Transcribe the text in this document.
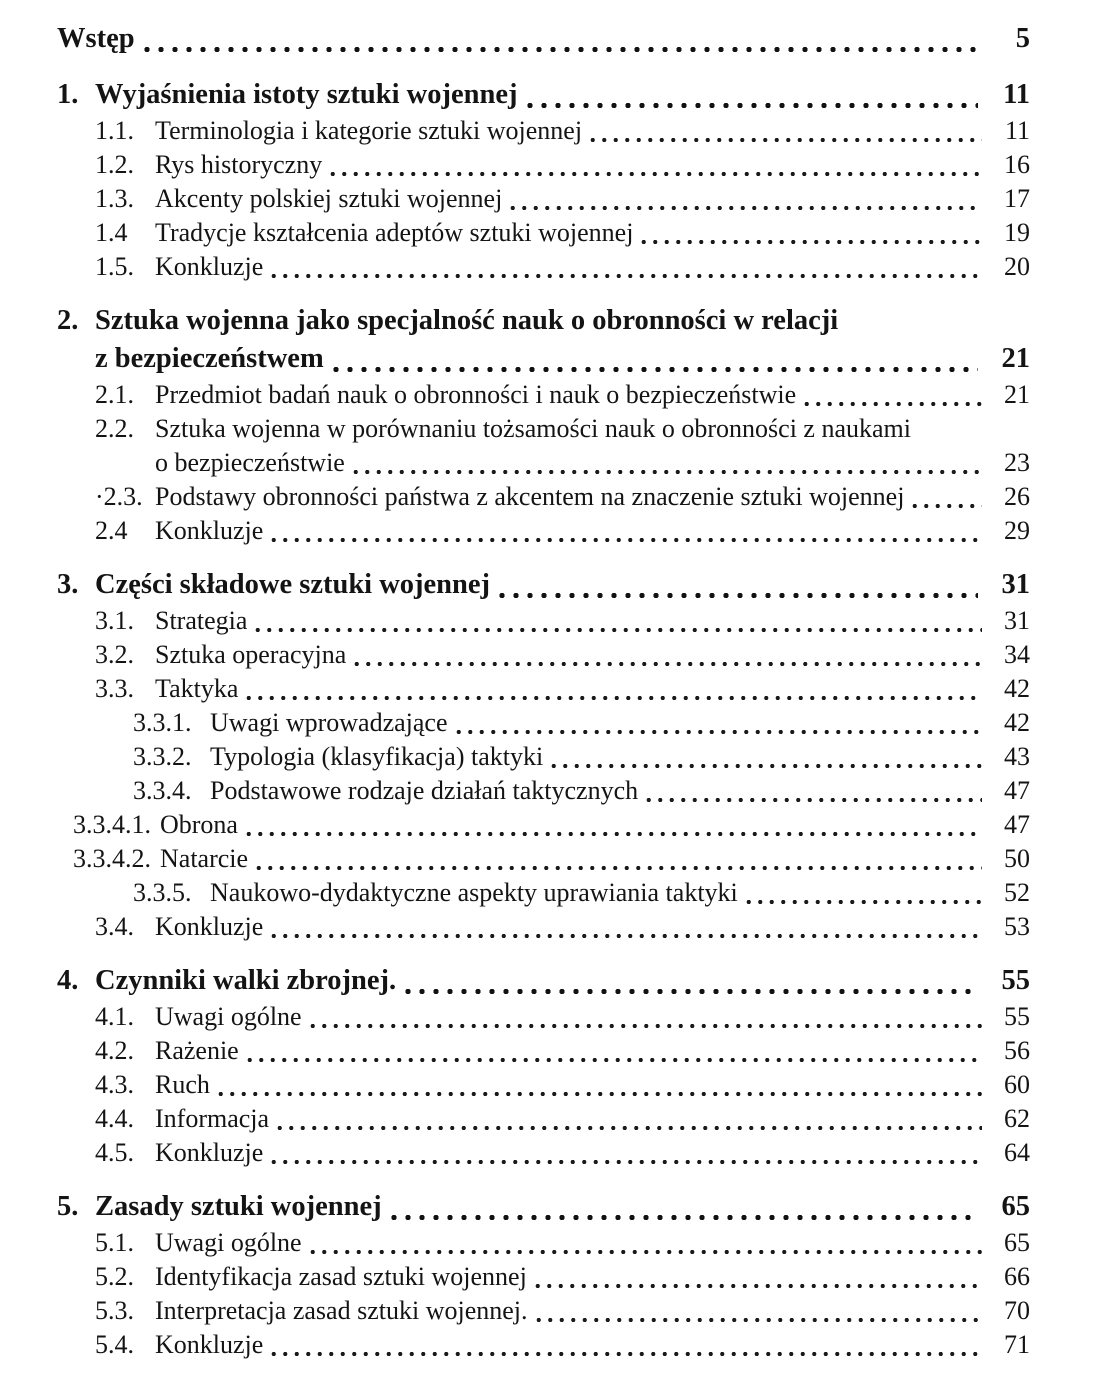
Wstęp	5
1. Wyjaśnienia istoty sztuki wojennej	11
1.1. Terminologia i kategorie sztuki wojennej	11
1.2. Rys historyczny	16
1.3. Akcenty polskiej sztuki wojennej	17
1.4	Tradycje kształcenia adeptów sztuki wojennej	19
1.5. Konkluzje	20
2. Sztuka wojenna jako specjalność nauk o obronności w relacji
z bezpieczeństwem	21
2.1. Przedmiot badań nauk o obronności i nauk o bezpieczeństwie	21
2.2. Sztuka wojenna w porównaniu tożsamości nauk o obronności z naukami
o bezpieczeństwie	23
·2.3. Podstawy obronności państwa z akcentem na znaczenie sztuki wojennej	26
2.4	Konkluzje	29
3. Części składowe sztuki wojennej	31
3.1. Strategia	31
3.2. Sztuka operacyjna	34
3.3. Taktyka	42
3.3.1. Uwagi wprowadzające	42
3.3.2. Typologia (klasyfikacja) taktyki	43
3.3.4. Podstawowe rodzaje działań taktycznych	47
3.3.4.1. Obrona	47
3.3.4.2. Natarcie	50
3.3.5. Naukowo-dydaktyczne aspekty uprawiania taktyki	52
3.4. Konkluzje	53
4. Czynniki walki zbrojnej.	55
4.1. Uwagi ogólne	55
4.2. Rażenie	56
4.3. Ruch	60
4.4. Informacja	62
4.5. Konkluzje	64
5. Zasady sztuki wojennej	65
5.1. Uwagi ogólne	65
5.2. Identyfikacja zasad sztuki wojennej	66
5.3. Interpretacja zasad sztuki wojennej.	70
5.4. Konkluzje	71
